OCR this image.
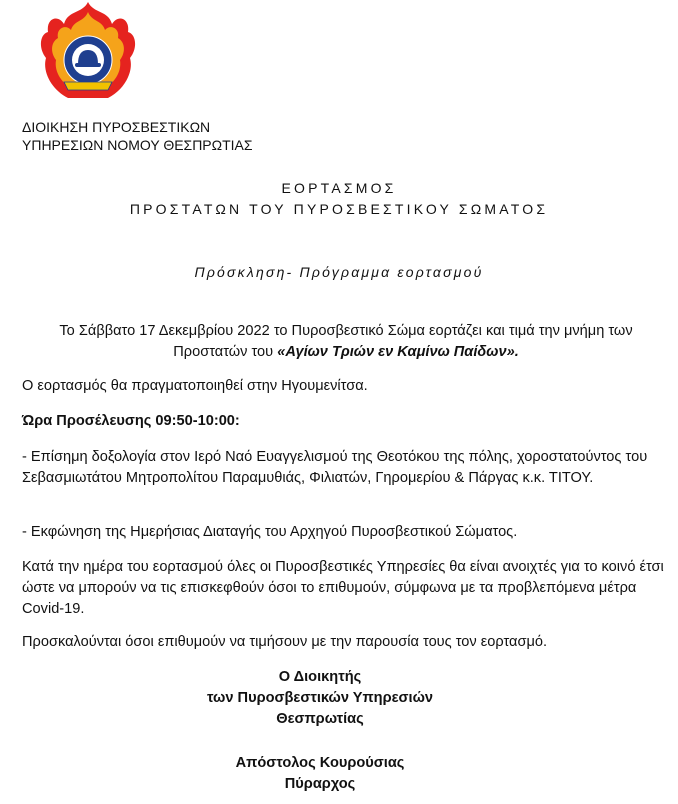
ΔΙΟΙΚΗΣΗ ΠΥΡΟΣΒΕΣΤΙΚΩΝ
ΥΠΗΡΕΣΙΩΝ ΝΟΜΟΥ ΘΕΣΠΡΩΤΙΑΣ
ΕΟΡΤΑΣΜΟΣ
ΠΡΟΣΤΑΤΩΝ ΤΟΥ ΠΥΡΟΣΒΕΣΤΙΚΟΥ ΣΩΜΑΤΟΣ
Πρόσκληση- Πρόγραμμα εορτασμού
Το Σάββατο 17 Δεκεμβρίου 2022 το Πυροσβεστικό Σώμα εορτάζει και τιμά την μνήμη των
Προστατών του «Αγίων Τριών εν Καμίνω Παίδων».
Ο εορτασμός θα πραγματοποιηθεί στην Ηγουμενίτσα.
Ώρα Προσέλευσης 09:50-10:00:
- Επίσημη δοξολογία στον Ιερό Ναό Ευαγγελισμού της Θεοτόκου της πόλης, χοροστατούντος του Σεβασμιωτάτου Μητροπολίτου Παραμυθιάς, Φιλιατών, Γηρομερίου & Πάργας κ.κ. ΤΙΤΟΥ.
- Εκφώνηση της Ημερήσιας Διαταγής του Αρχηγού Πυροσβεστικού Σώματος.
Κατά την ημέρα του εορτασμού όλες οι Πυροσβεστικές Υπηρεσίες θα είναι ανοιχτές για το κοινό έτσι ώστε να μπορούν να τις επισκεφθούν όσοι το επιθυμούν, σύμφωνα με τα προβλεπόμενα μέτρα Covid-19.
Προσκαλούνται όσοι επιθυμούν να τιμήσουν με την παρουσία τους τον εορτασμό.
Ο Διοικητής
των Πυροσβεστικών Υπηρεσιών
Θεσπρωτίας
Απόστολος Κουρούσιας
Πύραρχος
